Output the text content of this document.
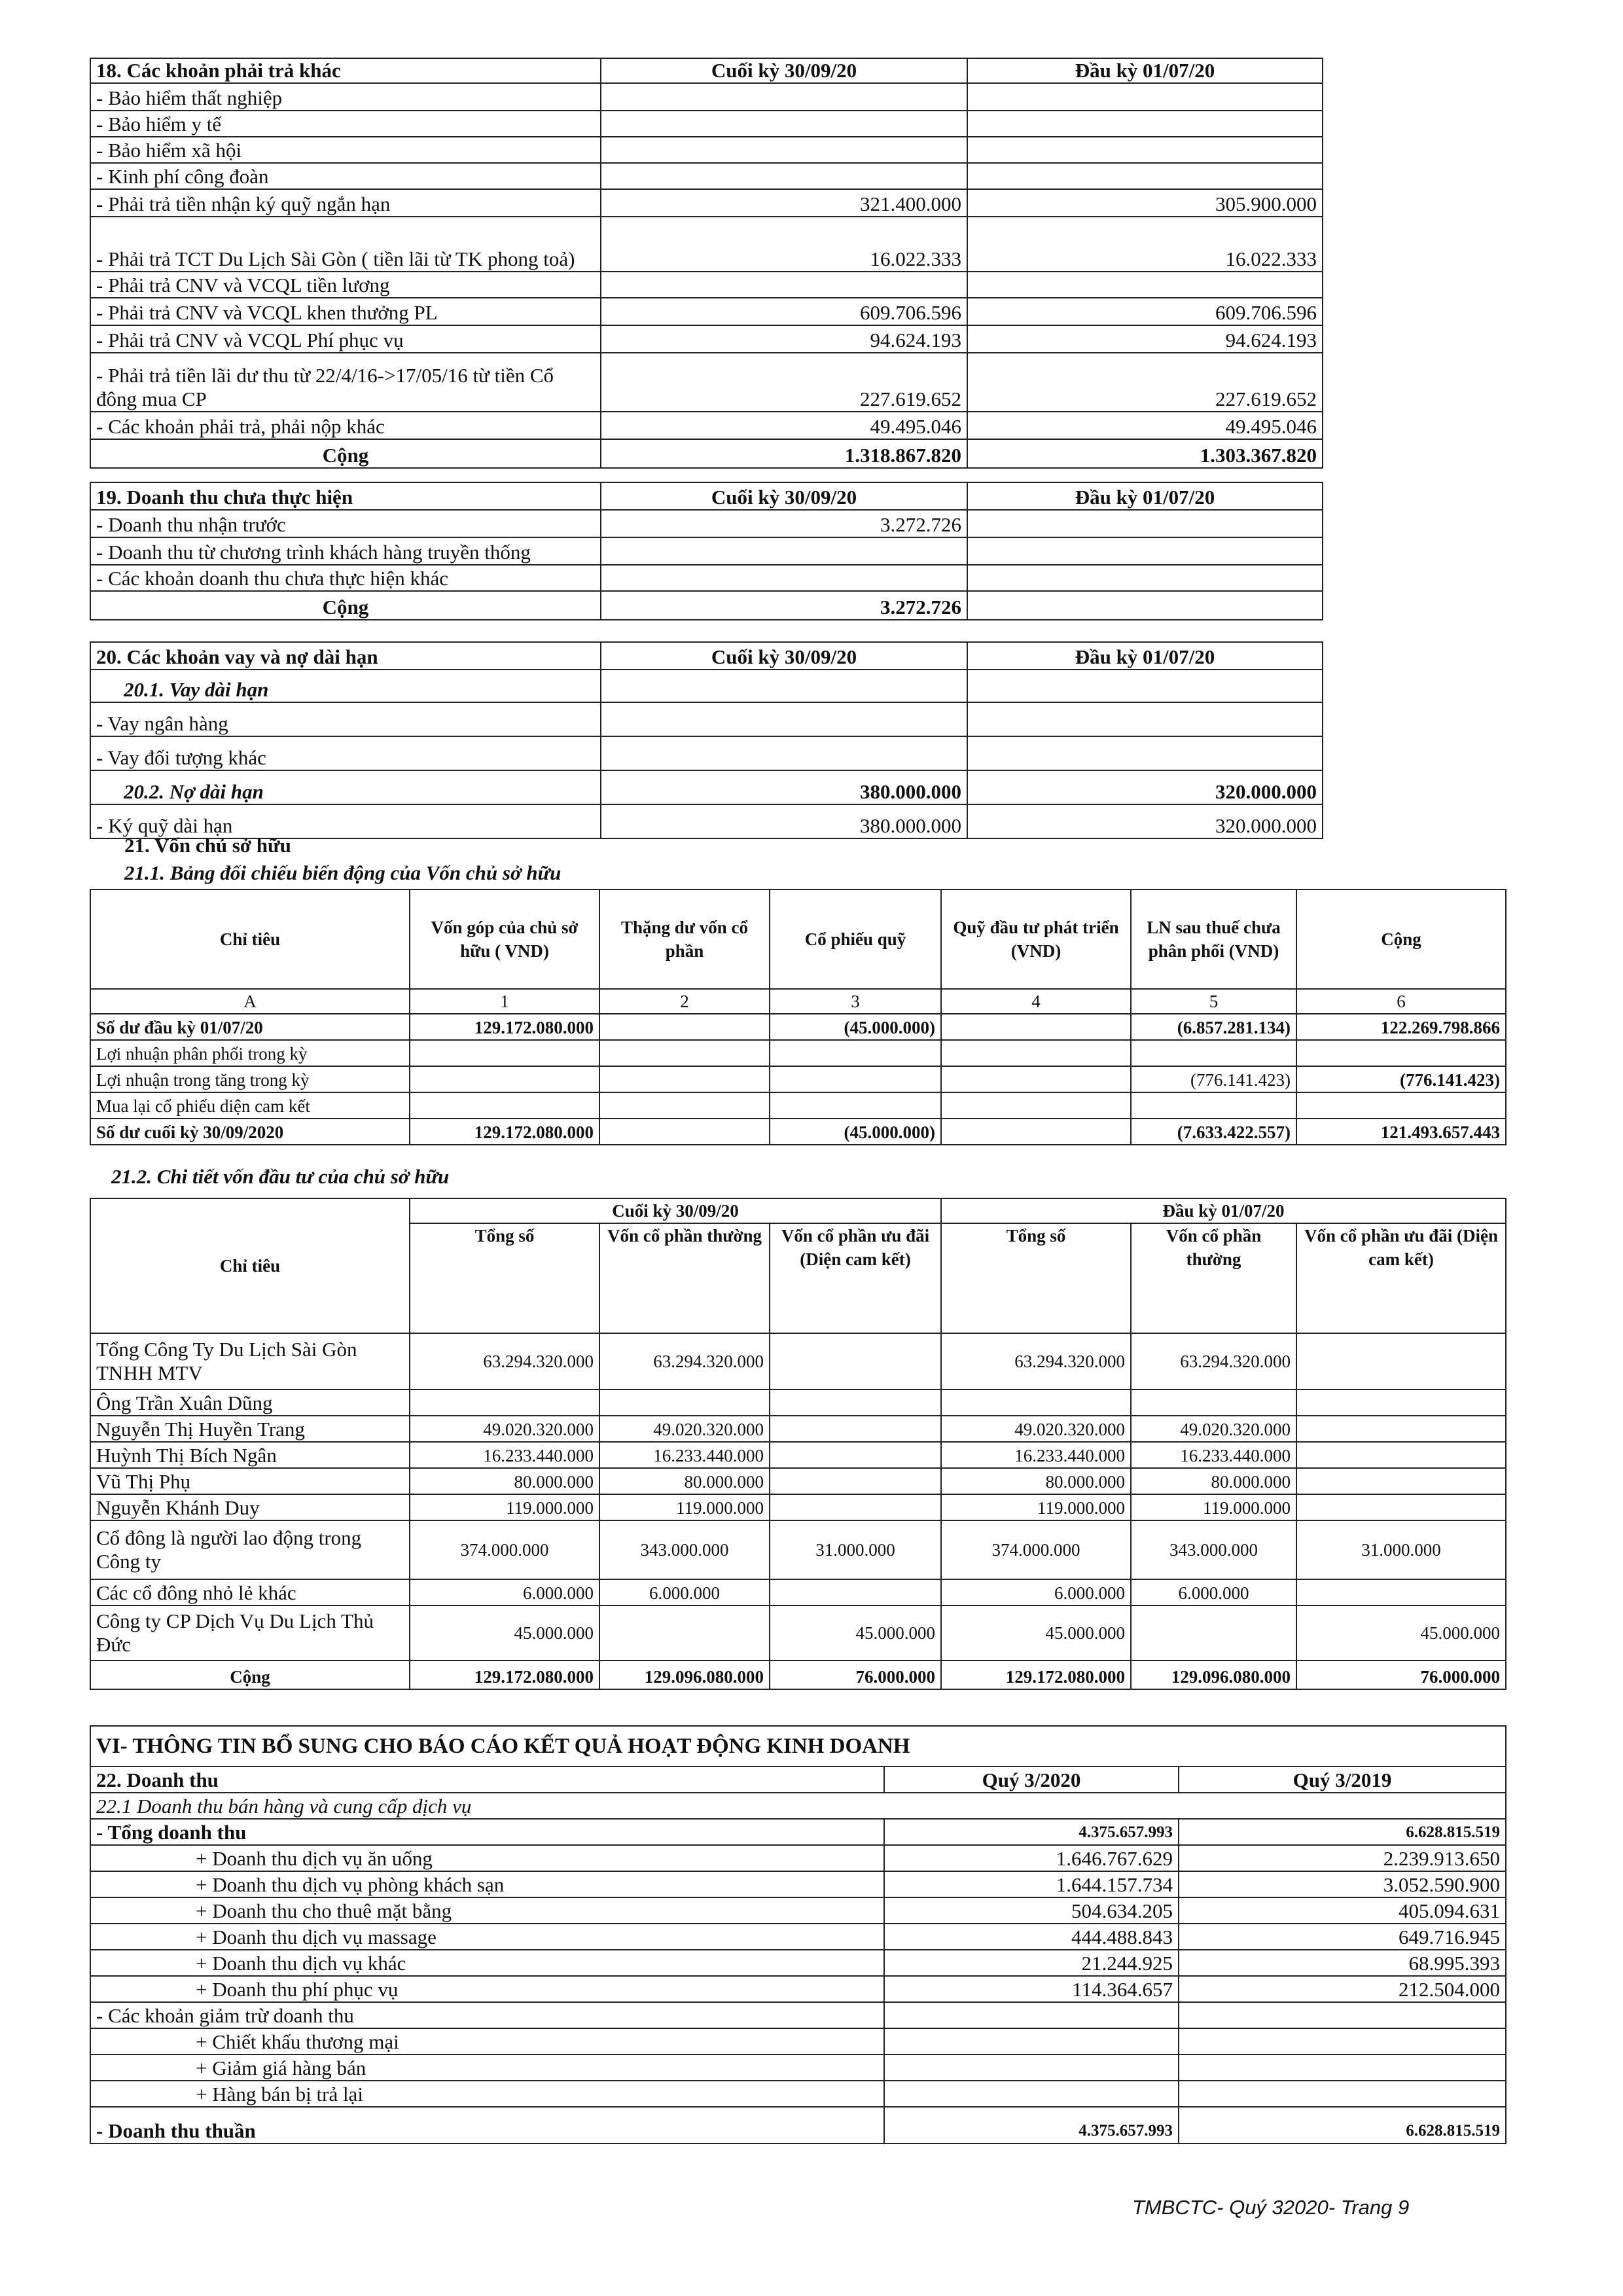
18. Các khoản phải trả khác	Cuối kỳ 30/09/20	Đầu kỳ 01/07/20
- Bảo hiểm thất nghiệp		
- Bảo hiểm y tế		
- Bảo hiểm xã hội		
- Kinh phí công đoàn		
- Phải trả tiền nhận ký quỹ ngắn hạn	321.400.000	305.900.000
- Phải trả TCT Du Lịch Sài Gòn ( tiền lãi từ TK phong toả)	16.022.333	16.022.333
- Phải trả CNV và VCQL tiền lương		
- Phải trả CNV và VCQL khen thưởng PL	609.706.596	609.706.596
- Phải trả CNV và VCQL Phí phục vụ	94.624.193	94.624.193
- Phải trả tiền lãi dư thu từ 22/4/16->17/05/16 từ tiền Cổ đông mua CP	227.619.652	227.619.652
- Các khoản phải trả, phải nộp khác	49.495.046	49.495.046
Cộng	1.318.867.820	1.303.367.820
19. Doanh thu chưa thực hiện	Cuối kỳ 30/09/20	Đầu kỳ 01/07/20
- Doanh thu nhận trước	3.272.726	
- Doanh thu từ chương trình khách hàng truyền thống		
- Các khoản doanh thu chưa thực hiện khác		
Cộng	3.272.726	
20. Các khoản vay và nợ dài hạn	Cuối kỳ 30/09/20	Đầu kỳ 01/07/20
20.1. Vay dài hạn		
- Vay ngân hàng		
- Vay đối tượng khác		
20.2. Nợ dài hạn	380.000.000	320.000.000
- Ký quỹ dài hạn	380.000.000	320.000.000
21. Vốn chủ sở hữu
21.1. Bảng đối chiếu biến động của Vốn chủ sở hữu
Chỉ tiêu	Vốn góp của chủ sở hữu ( VND)	Thặng dư vốn cổ phần	Cổ phiếu quỹ	Quỹ đầu tư phát triển (VND)	LN sau thuế chưa phân phối (VND)	Cộng
A	1	2	3	4	5	6
Số dư đầu kỳ 01/07/20	129.172.080.000		(45.000.000)		(6.857.281.134)	122.269.798.866
Lợi nhuận phân phối trong kỳ						
Lợi nhuận trong tăng trong kỳ					(776.141.423)	(776.141.423)
Mua lại cổ phiếu diện cam kết						
Số dư cuối kỳ 30/09/2020	129.172.080.000		(45.000.000)		(7.633.422.557)	121.493.657.443
21.2. Chi tiết vốn đầu tư của chủ sở hữu
Chỉ tiêu	Cuối kỳ 30/09/20			Đầu kỳ 01/07/20		
	Tổng số	Vốn cổ phần thường	Vốn cổ phần ưu đãi (Diện cam kết)	Tổng số	Vốn cổ phần thường	Vốn cổ phần ưu đãi (Diện cam kết)
Tổng Công Ty Du Lịch Sài Gòn TNHH MTV	63.294.320.000	63.294.320.000		63.294.320.000	63.294.320.000	
Ông Trần Xuân Dũng						
Nguyễn Thị Huyền Trang	49.020.320.000	49.020.320.000		49.020.320.000	49.020.320.000	
Huỳnh Thị Bích Ngân	16.233.440.000	16.233.440.000		16.233.440.000	16.233.440.000	
Vũ Thị Phụ	80.000.000	80.000.000		80.000.000	80.000.000	
Nguyễn Khánh Duy	119.000.000	119.000.000		119.000.000	119.000.000	
Cổ đông là người lao động trong Công ty	374.000.000	343.000.000	31.000.000	374.000.000	343.000.000	31.000.000
Các cổ đông nhỏ lẻ khác	6.000.000	6.000.000		6.000.000	6.000.000	
Công ty CP Dịch Vụ Du Lịch Thủ Đức	45.000.000		45.000.000	45.000.000		45.000.000
Cộng	129.172.080.000	129.096.080.000	76.000.000	129.172.080.000	129.096.080.000	76.000.000
VI- THÔNG TIN BỔ SUNG CHO BÁO CÁO KẾT QUẢ HOẠT ĐỘNG KINH DOANH		
22. Doanh thu	Quý 3/2020	Quý 3/2019
22.1 Doanh thu bán hàng và cung cấp dịch vụ		
- Tổng doanh thu	4.375.657.993	6.628.815.519
+ Doanh thu dịch vụ ăn uống	1.646.767.629	2.239.913.650
+ Doanh thu dịch vụ phòng khách sạn	1.644.157.734	3.052.590.900
+ Doanh thu cho thuê mặt bằng	504.634.205	405.094.631
+ Doanh thu dịch vụ massage	444.488.843	649.716.945
+ Doanh thu dịch vụ khác	21.244.925	68.995.393
+ Doanh thu phí phục vụ	114.364.657	212.504.000
- Các khoản giảm trừ doanh thu		
+ Chiết khấu thương mại		
+ Giảm giá hàng bán		
+ Hàng bán bị trả lại		
- Doanh thu thuần	4.375.657.993	6.628.815.519
TMBCTC- Quý 32020- Trang 9
